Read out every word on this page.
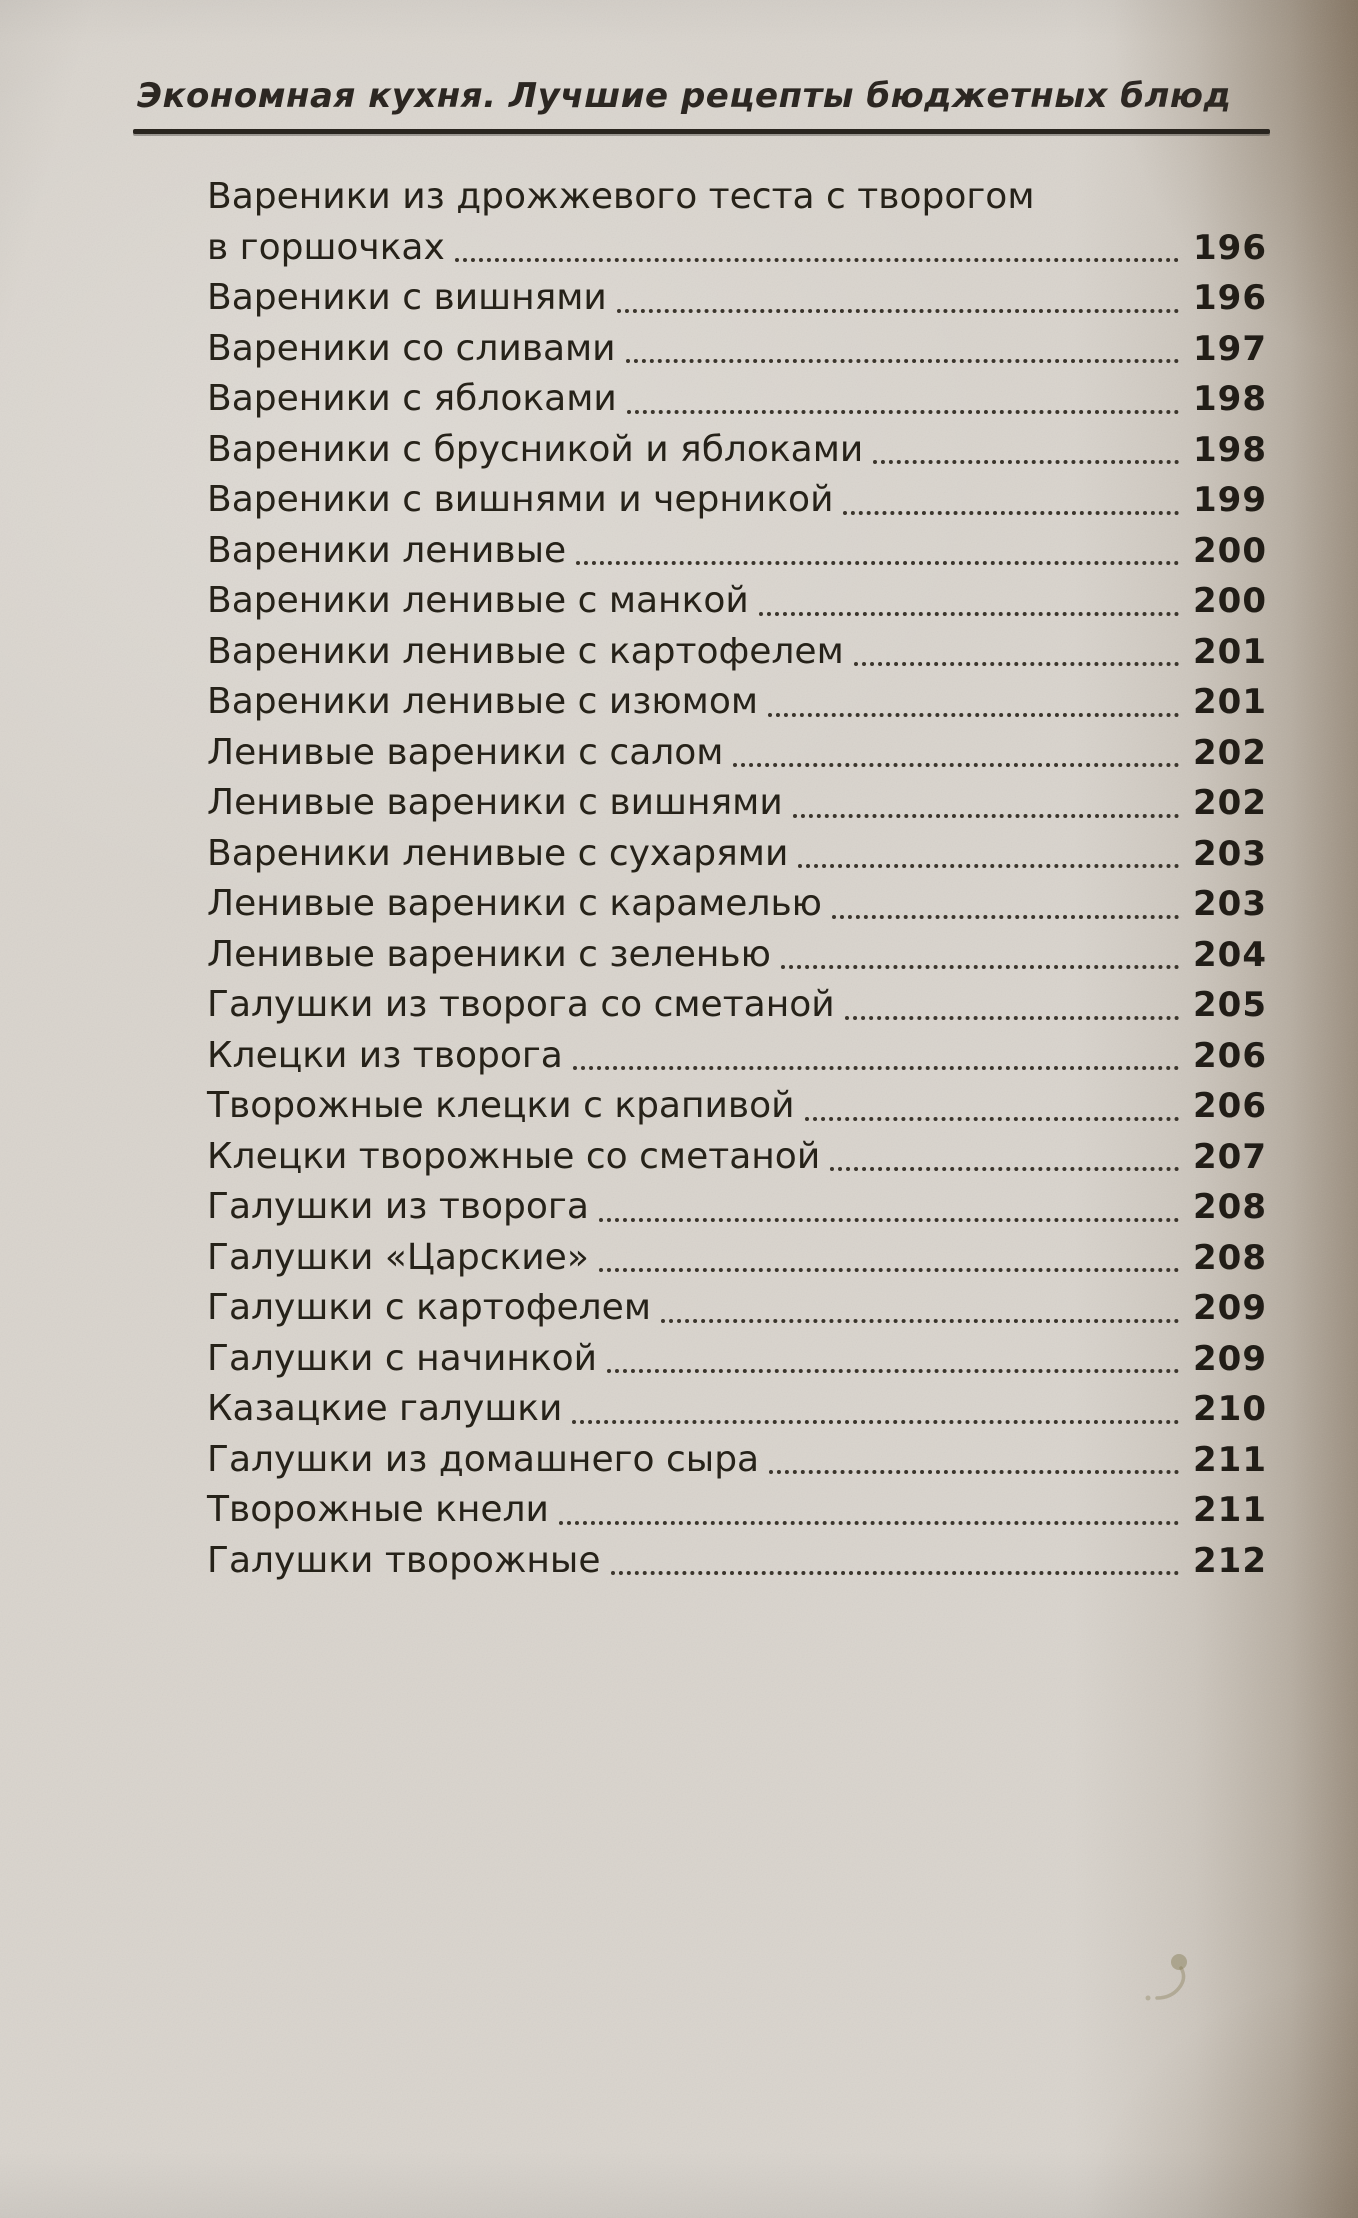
Экономная кухня. Лучшие рецепты бюджетных блюд
Вареники из дрожжевого теста с творогом
в горшочках	196
Вареники с вишнями	196
Вареники со сливами	197
Вареники с яблоками	198
Вареники с брусникой и яблоками	198
Вареники с вишнями и черникой	199
Вареники ленивые	200
Вареники ленивые с манкой	200
Вареники ленивые с картофелем	201
Вареники ленивые с изюмом	201
Ленивые вареники с салом	202
Ленивые вареники с вишнями	202
Вареники ленивые с сухарями	203
Ленивые вареники с карамелью	203
Ленивые вареники с зеленью	204
Галушки из творога со сметаной	205
Клецки из творога	206
Творожные клецки с крапивой	206
Клецки творожные со сметаной	207
Галушки из творога	208
Галушки «Царские»	208
Галушки с картофелем	209
Галушки с начинкой	209
Казацкие галушки	210
Галушки из домашнего сыра	211
Творожные кнели	211
Галушки творожные	212
